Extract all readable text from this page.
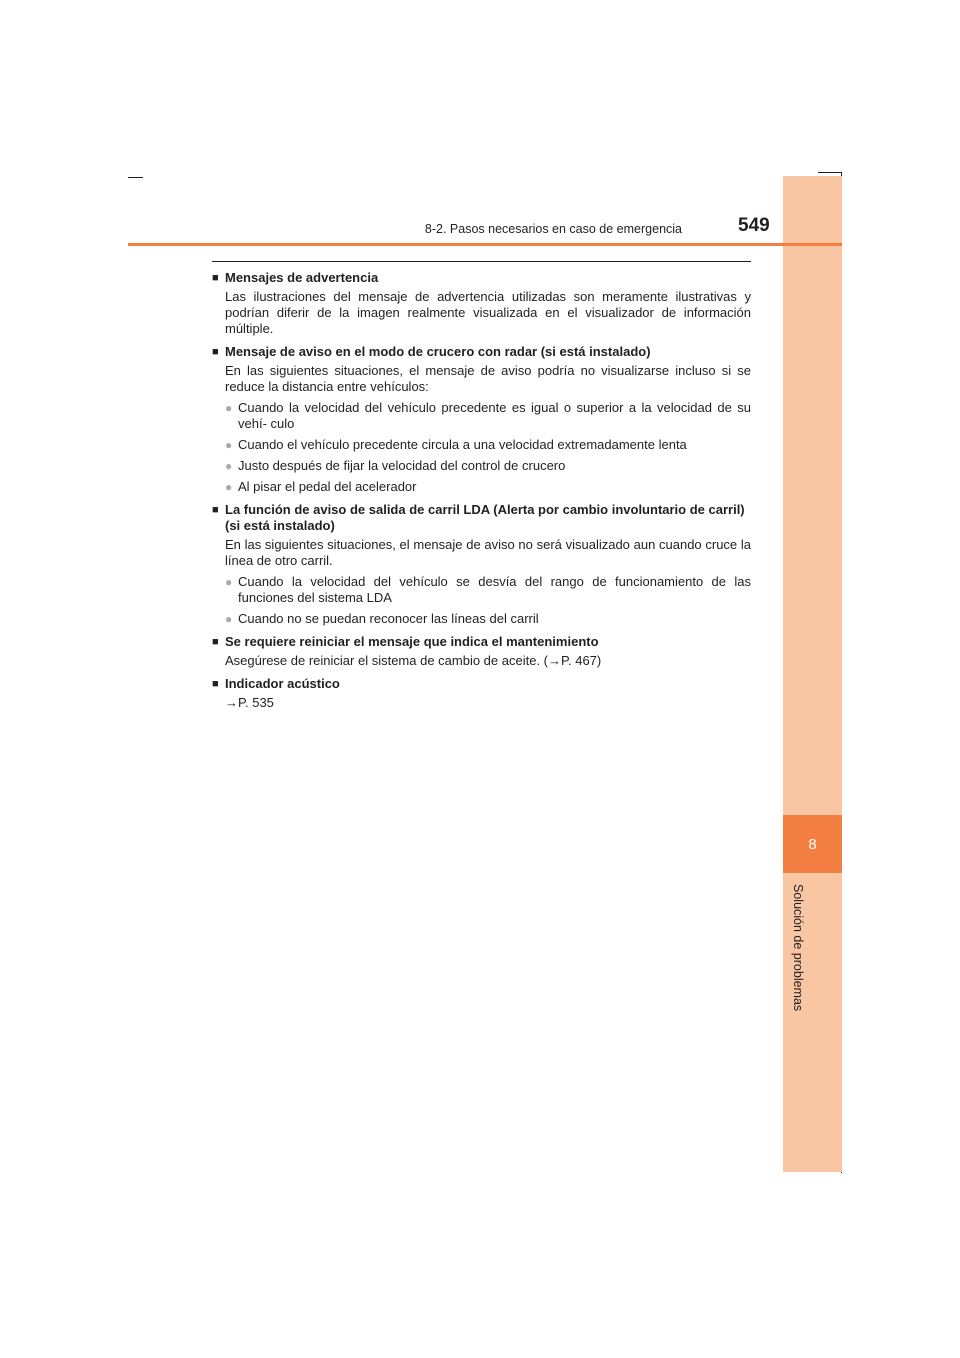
8
Solución de problemas
8-2. Pasos necesarios en caso de emergencia	549
■ Mensajes de advertencia
Las ilustraciones del mensaje de advertencia utilizadas son meramente ilustrativas y podrían diferir de la imagen realmente visualizada en el visualizador de información múltiple.
■ Mensaje de aviso en el modo de crucero con radar (si está instalado)
En las siguientes situaciones, el mensaje de aviso podría no visualizarse incluso si se reduce la distancia entre vehículos:
● Cuando la velocidad del vehículo precedente es igual o superior a la velocidad de su vehí- culo
● Cuando el vehículo precedente circula a una velocidad extremadamente lenta
● Justo después de fijar la velocidad del control de crucero
● Al pisar el pedal del acelerador
■ La función de aviso de salida de carril LDA (Alerta por cambio involuntario de carril) (si está instalado)
En las siguientes situaciones, el mensaje de aviso no será visualizado aun cuando cruce la línea de otro carril.
● Cuando la velocidad del vehículo se desvía del rango de funcionamiento de las funciones del sistema LDA
● Cuando no se puedan reconocer las líneas del carril
■ Se requiere reiniciar el mensaje que indica el mantenimiento
Asegúrese de reiniciar el sistema de cambio de aceite. (→P. 467)
■ Indicador acústico
→P. 535
